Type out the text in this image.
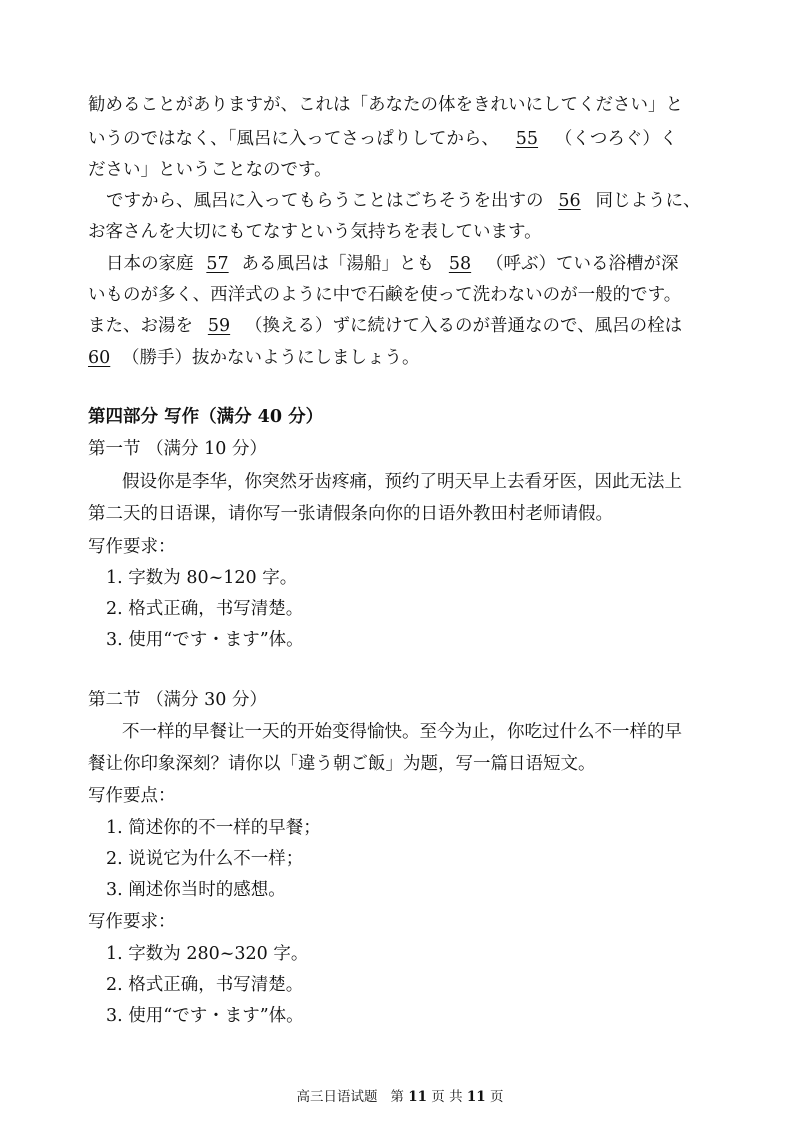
勧めることがありますが、これは「あなたの体をきれいにしてください」と
いうのではなく、「風呂に入ってさっぱりしてから、 55 （くつろぐ）く
ださい」ということなのです。
ですから、風呂に入ってもらうことはごちそうを出すの 56 同じように、
お客さんを大切にもてなすという気持ちを表しています。
日本の家庭 57 ある風呂は「湯船」とも 58 （呼ぶ）ている浴槽が深
いものが多く、西洋式のように中で石鹸を使って洗わないのが一般的です。
また、お湯を 59 （換える）ずに続けて入るのが普通なので、風呂の栓は
60 （勝手）抜かないようにしましょう。
第四部分 写作（满分 40 分）
第一节 （满分 10 分）
假设你是李华，你突然牙齿疼痛，预约了明天早上去看牙医，因此无法上
第二天的日语课，请你写一张请假条向你的日语外教田村老师请假。
写作要求：
1. 字数为 80~120 字。
2. 格式正确，书写清楚。
3. 使用“です・ます”体。
第二节 （满分 30 分）
不一样的早餐让一天的开始变得愉快。至今为止，你吃过什么不一样的早
餐让你印象深刻？请你以「違う朝ご飯」为题，写一篇日语短文。
写作要点：
1. 简述你的不一样的早餐；
2. 说说它为什么不一样；
3. 阐述你当时的感想。
写作要求：
1. 字数为 280~320 字。
2. 格式正确，书写清楚。
3. 使用“です・ます”体。
高三日语试题 第 11 页 共 11 页
